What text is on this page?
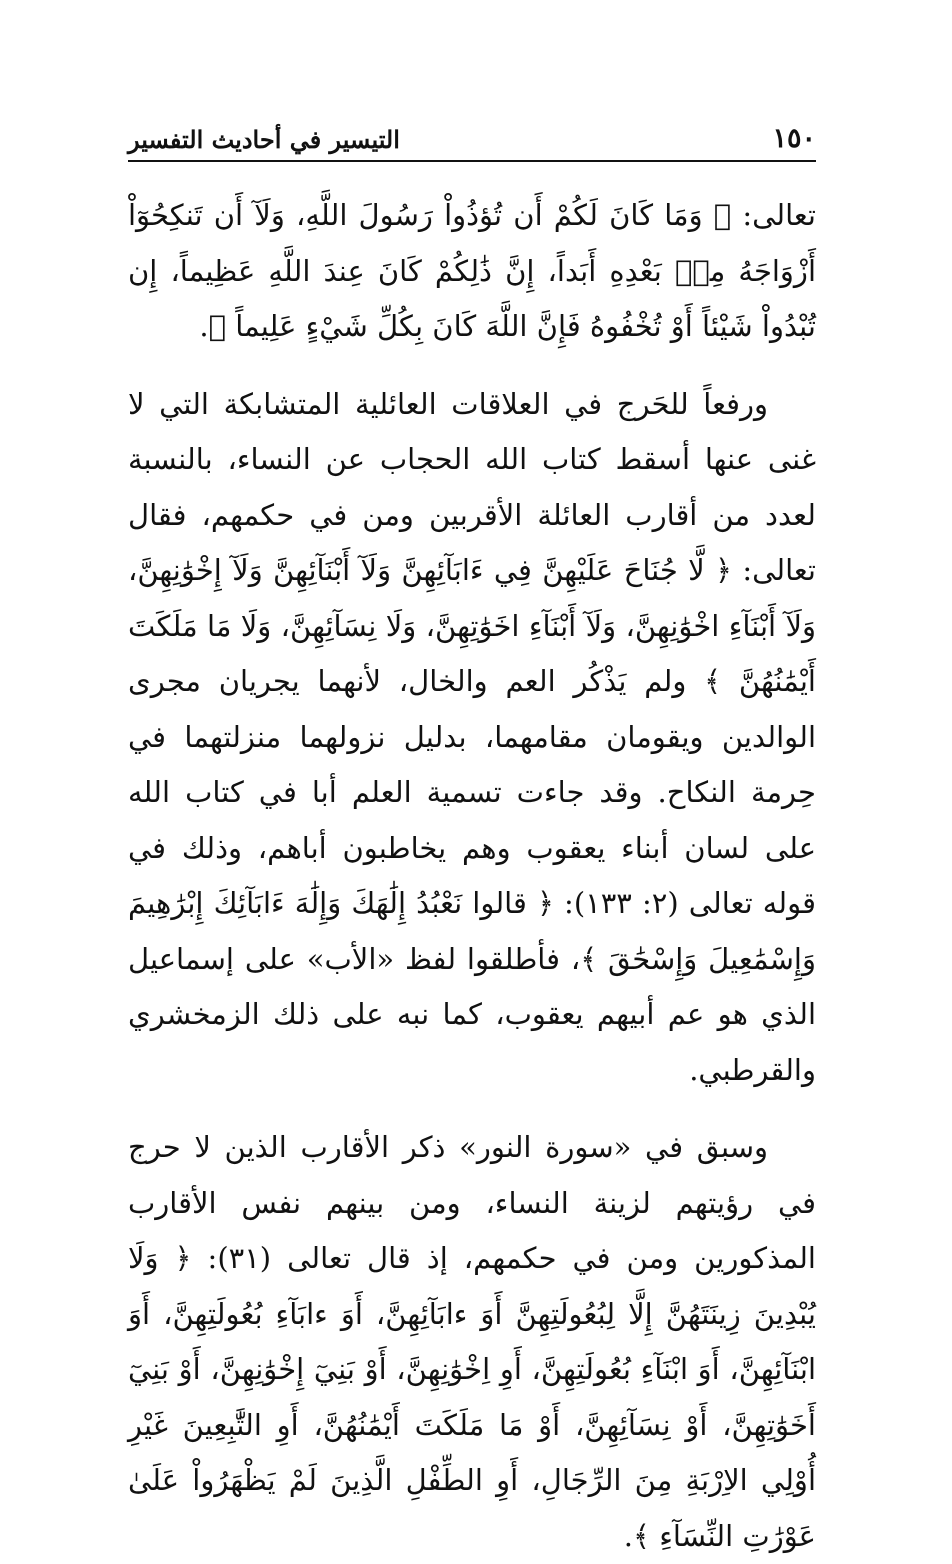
١٥٠
التيسير في أحاديث التفسير

تعالى: ﴿ وَمَا كَانَ لَكُمْ أَن تُؤذُواْ رَسُولَ اللَّهِ، وَلَآ أَن تَنكِحُوٓاْ أَزْوَاجَهُ مِنۢ بَعْدِهِ أَبَداً، إِنَّ ذَٰلِكُمْ كَانَ عِندَ اللَّهِ عَظِيماً، إِن تُبْدُواْ شَيْئاً أَوْ تُخْفُوهُ فَإِنَّ اللَّهَ كَانَ بِكُلِّ شَيْءٍ عَلِيماً ﴾.

ورفعاً للحَرج في العلاقات العائلية المتشابكة التي لا غنى عنها أسقط كتاب الله الحجاب عن النساء، بالنسبة لعدد من أقارب العائلة الأقربين ومن في حكمهم، فقال تعالى: ﴿ لَّا جُنَاحَ عَلَيْهِنَّ فِي ءَابَآئِهِنَّ وَلَآ أَبْنَآئِهِنَّ وَلَآ إِخْوَٰنِهِنَّ، وَلَآ أَبْنَآءِ اخْوَٰنِهِنَّ، وَلَآ أَبْنَآءِ اخَوَٰتِهِنَّ، وَلَا نِسَآئِهِنَّ، وَلَا مَا مَلَكَتَ أَيْمَٰنُهُنَّ ﴾ ولم يَذْكُر العم والخال، لأنهما يجريان مجرى الوالدين ويقومان مقامهما، بدليل نزولهما منزلتهما في حِرمة النكاح. وقد جاءت تسمية العلم أبا في كتاب الله على لسان أبناء يعقوب وهم يخاطبون أباهم، وذلك في قوله تعالى (٢: ١٣٣): ﴿ قالوا نَعْبُدُ إِلَٰهَكَ وَإِلَٰهَ ءَابَآئِكَ إِبْرَٰهِيمَ وَإِسْمَٰعِيلَ وَإِسْحَٰقَ ﴾، فأطلقوا لفظ «الأب» على إسماعيل الذي هو عم أبيهم يعقوب، كما نبه على ذلك الزمخشري والقرطبي.

وسبق في «سورة النور» ذكر الأقارب الذين لا حرج في رؤيتهم لزينة النساء، ومن بينهم نفس الأقارب المذكورين ومن في حكمهم، إذ قال تعالى (٣١): ﴿ وَلَا يُبْدِينَ زِينَتَهُنَّ إِلَّا لِبُعُولَتِهِنَّ أَوَ ءابَآئِهِنَّ، أَوَ ءابَآءِ بُعُولَتِهِنَّ، أَوَ ابْنَآئِهِنَّ، أَوَ ابْنَآءِ بُعُولَتِهِنَّ، أَوِ اِخْوَٰنِهِنَّ، أَوْ بَنِيٓ إِخْوَٰنِهِنَّ، أَوْ بَنِيٓ أَخَوَٰتِهِنَّ، أَوْ نِسَآئِهِنَّ، أَوْ مَا مَلَكَتَ أَيْمَٰنُهُنَّ، أَوِ التَّٰبِعِينَ غَيْرِ أُوْلِي الاِرْبَةِ مِنَ الرِّجَالِ، أَوِ الطِّفْلِ الَّذِينَ لَمْ يَظْهَرُواْ عَلَىٰ عَوْرَٰتِ النِّسَآءِ ﴾.
